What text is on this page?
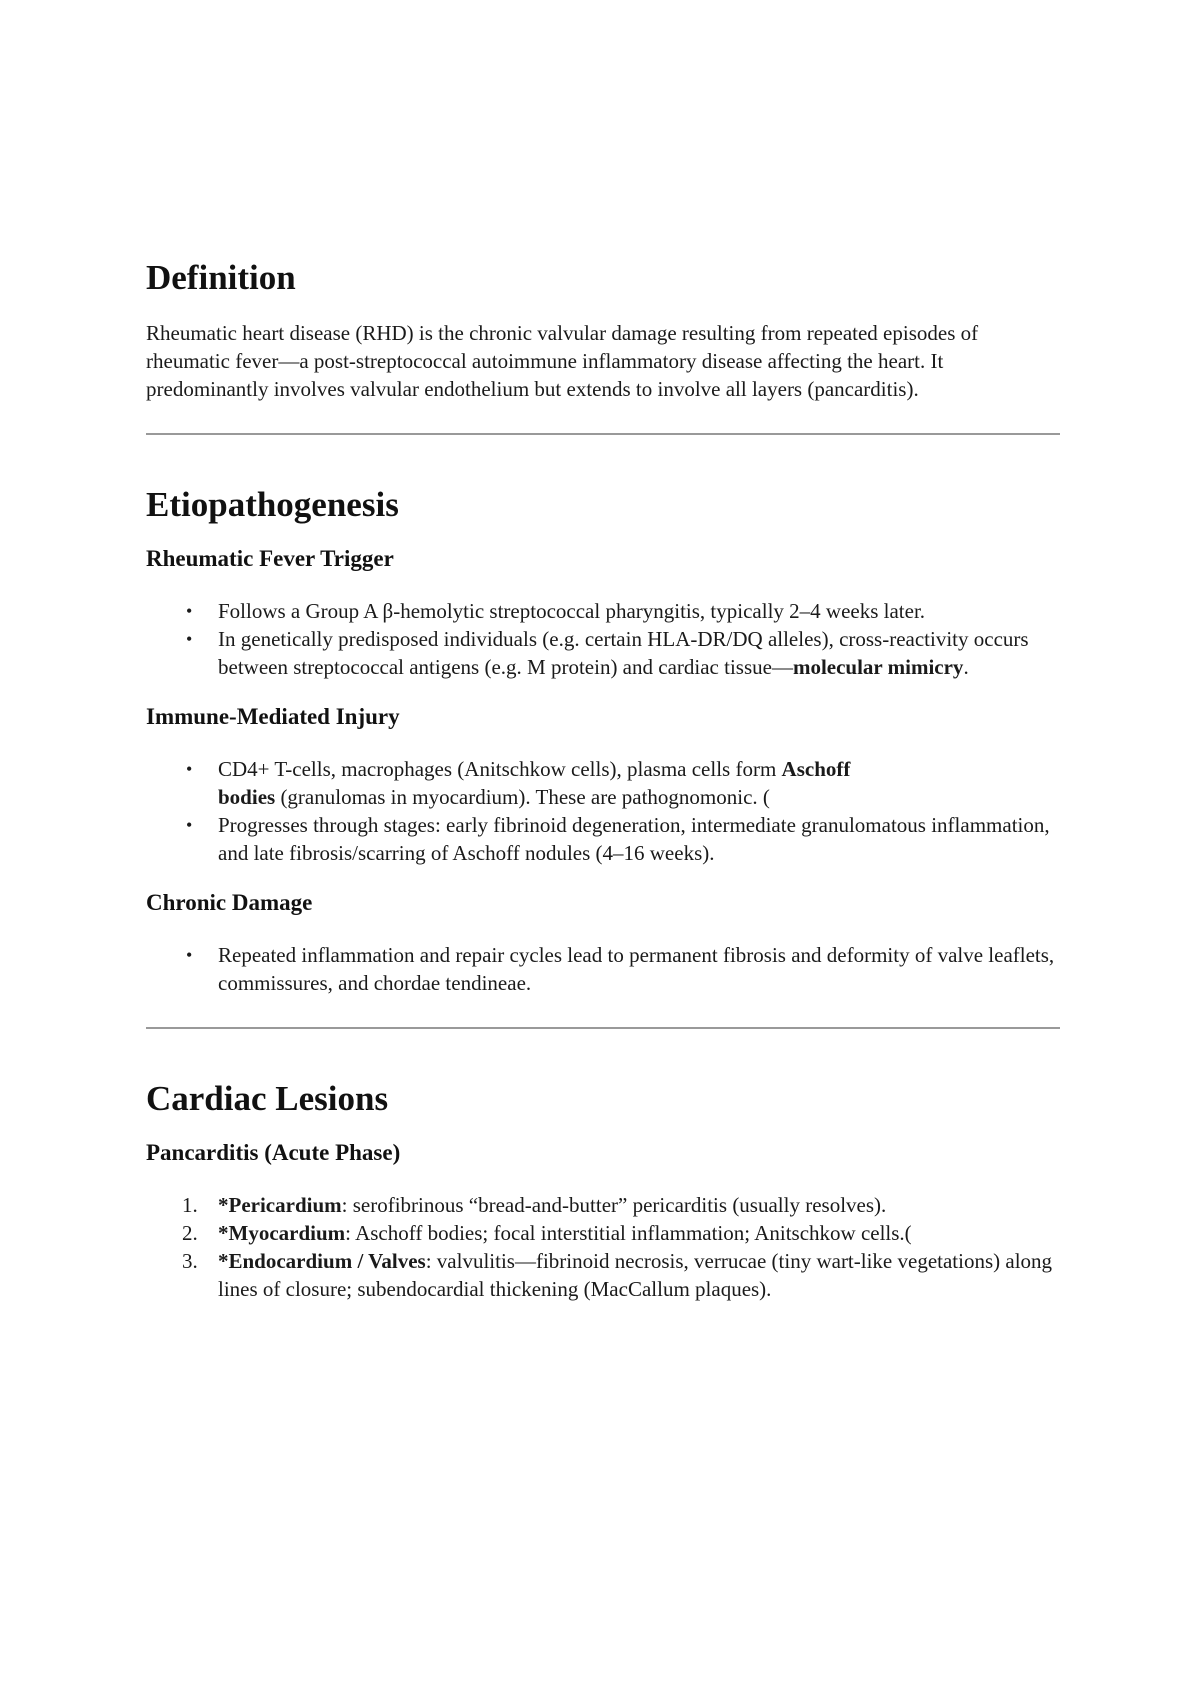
Definition

Rheumatic heart disease (RHD) is the chronic valvular damage resulting from repeated episodes of rheumatic fever—a post-streptococcal autoimmune inflammatory disease affecting the heart. It predominantly involves valvular endothelium but extends to involve all layers (pancarditis).

Etiopathogenesis
Rheumatic Fever Trigger
• Follows a Group A β-hemolytic streptococcal pharyngitis, typically 2–4 weeks later.
• In genetically predisposed individuals (e.g. certain HLA-DR/DQ alleles), cross-reactivity occurs between streptococcal antigens (e.g. M protein) and cardiac tissue—molecular mimicry.
Immune-Mediated Injury
• CD4+ T-cells, macrophages (Anitschkow cells), plasma cells form Aschoff bodies (granulomas in myocardium). These are pathognomonic. (
• Progresses through stages: early fibrinoid degeneration, intermediate granulomatous inflammation, and late fibrosis/scarring of Aschoff nodules (4–16 weeks).
Chronic Damage
• Repeated inflammation and repair cycles lead to permanent fibrosis and deformity of valve leaflets, commissures, and chordae tendineae.
Cardiac Lesions
Pancarditis (Acute Phase)
1. *Pericardium: serofibrinous “bread-and-butter” pericarditis (usually resolves).
2. *Myocardium: Aschoff bodies; focal interstitial inflammation; Anitschkow cells.(
3. *Endocardium / Valves: valvulitis—fibrinoid necrosis, verrucae (tiny wart-like vegetations) along lines of closure; subendocardial thickening (MacCallum plaques).
